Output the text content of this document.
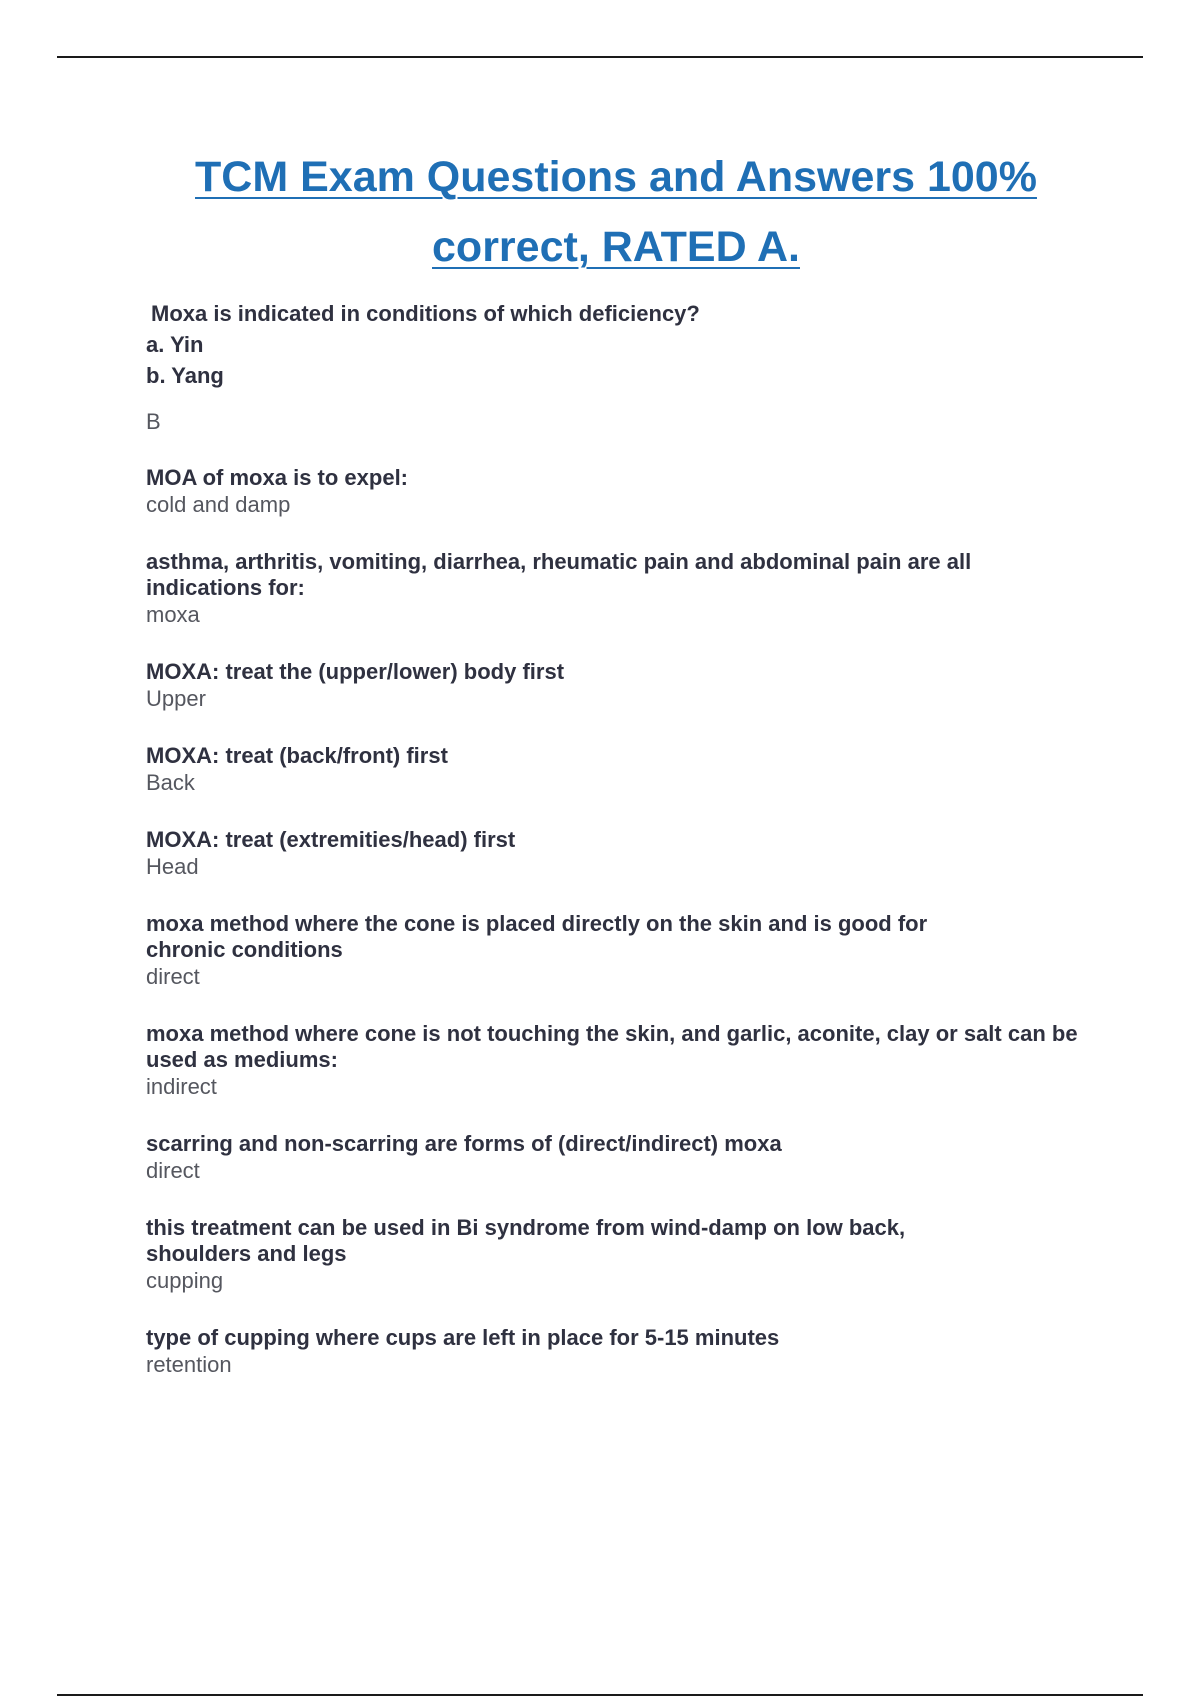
TCM Exam Questions and Answers 100%
correct, RATED A.

Moxa is indicated in conditions of which deficiency?

a. Yin

b. Yang

B

MOA of moxa is to expel:

cold and damp

asthma, arthritis, vomiting, diarrhea, rheumatic pain and abdominal pain are all indications for:

moxa

MOXA: treat the (upper/lower) body first

Upper

MOXA: treat (back/front) first

Back

MOXA: treat (extremities/head) first

Head

moxa method where the cone is placed directly on the skin and is good for chronic conditions

direct

moxa method where cone is not touching the skin, and garlic, aconite, clay or salt can be used as mediums:

indirect

scarring and non-scarring are forms of (direct/indirect) moxa

direct

this treatment can be used in Bi syndrome from wind-damp on low back, shoulders and legs

cupping

type of cupping where cups are left in place for 5-15 minutes

retention
